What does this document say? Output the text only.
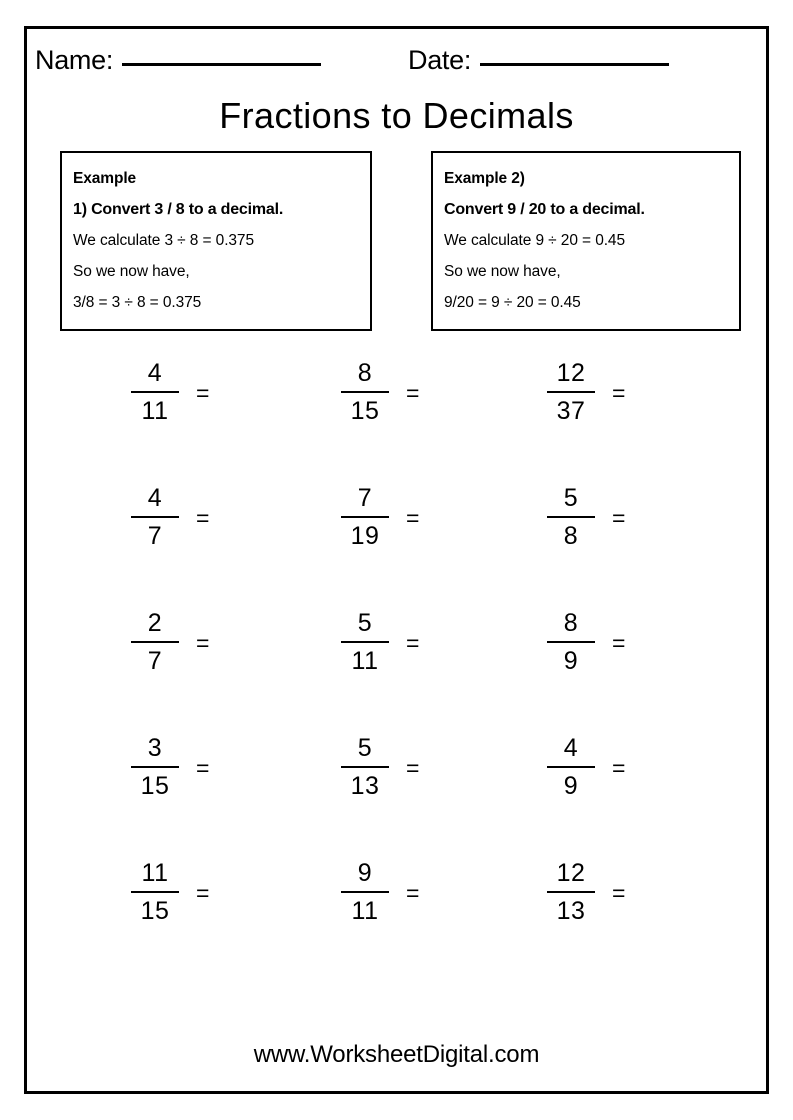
Name:	Date:
Fractions to Decimals
Example
1) Convert 3 / 8 to a decimal.
We calculate 3 ÷ 8 = 0.375
So we now have,
3/8 = 3 ÷ 8 = 0.375
Example 2)
Convert 9 / 20 to a decimal.
We calculate 9 ÷ 20 = 0.45
So we now have,
9/20 = 9 ÷ 20 = 0.45
$\frac{4}{11}$ =	$\frac{8}{15}$ =	$\frac{12}{37}$ =
$\frac{4}{7}$ =	$\frac{7}{19}$ =	$\frac{5}{8}$ =
$\frac{2}{7}$ =	$\frac{5}{11}$ =	$\frac{8}{9}$ =
$\frac{3}{15}$ =	$\frac{5}{13}$ =	$\frac{4}{9}$ =
$\frac{11}{15}$ =	$\frac{9}{11}$ =	$\frac{12}{13}$ =
www.WorksheetDigital.com
